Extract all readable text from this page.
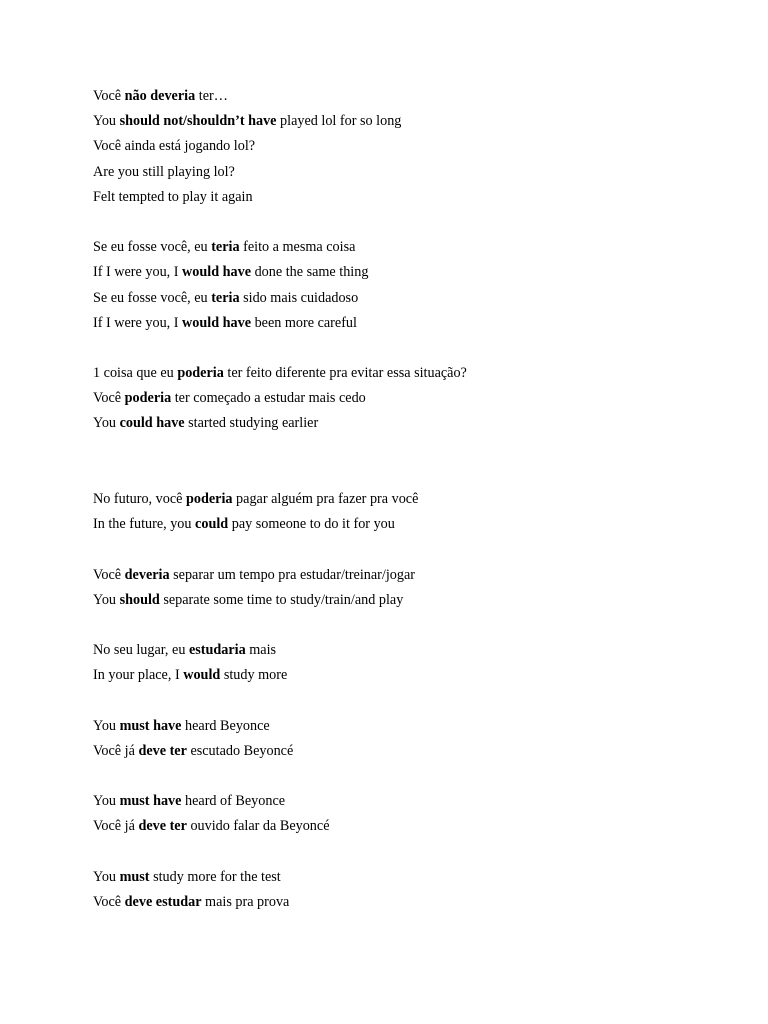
Você não deveria ter…
You should not/shouldn’t have played lol for so long
Você ainda está jogando lol?
Are you still playing lol?
Felt tempted to play it again
Se eu fosse você, eu teria feito a mesma coisa
If I were you, I would have done the same thing
Se eu fosse você, eu teria sido mais cuidadoso
If I were you, I would have been more careful
1 coisa que eu poderia ter feito diferente pra evitar essa situação?
Você poderia ter começado a estudar mais cedo
You could have started studying earlier
No futuro, você poderia pagar alguém pra fazer pra você
In the future, you could pay someone to do it for you
Você deveria separar um tempo pra estudar/treinar/jogar
You should separate some time to study/train/and play
No seu lugar, eu estudaria mais
In your place, I would study more
You must have heard Beyonce
Você já deve ter escutado Beyoncé
You must have heard of Beyonce
Você já deve ter ouvido falar da Beyoncé
You must study more for the test
Você deve estudar mais pra prova
